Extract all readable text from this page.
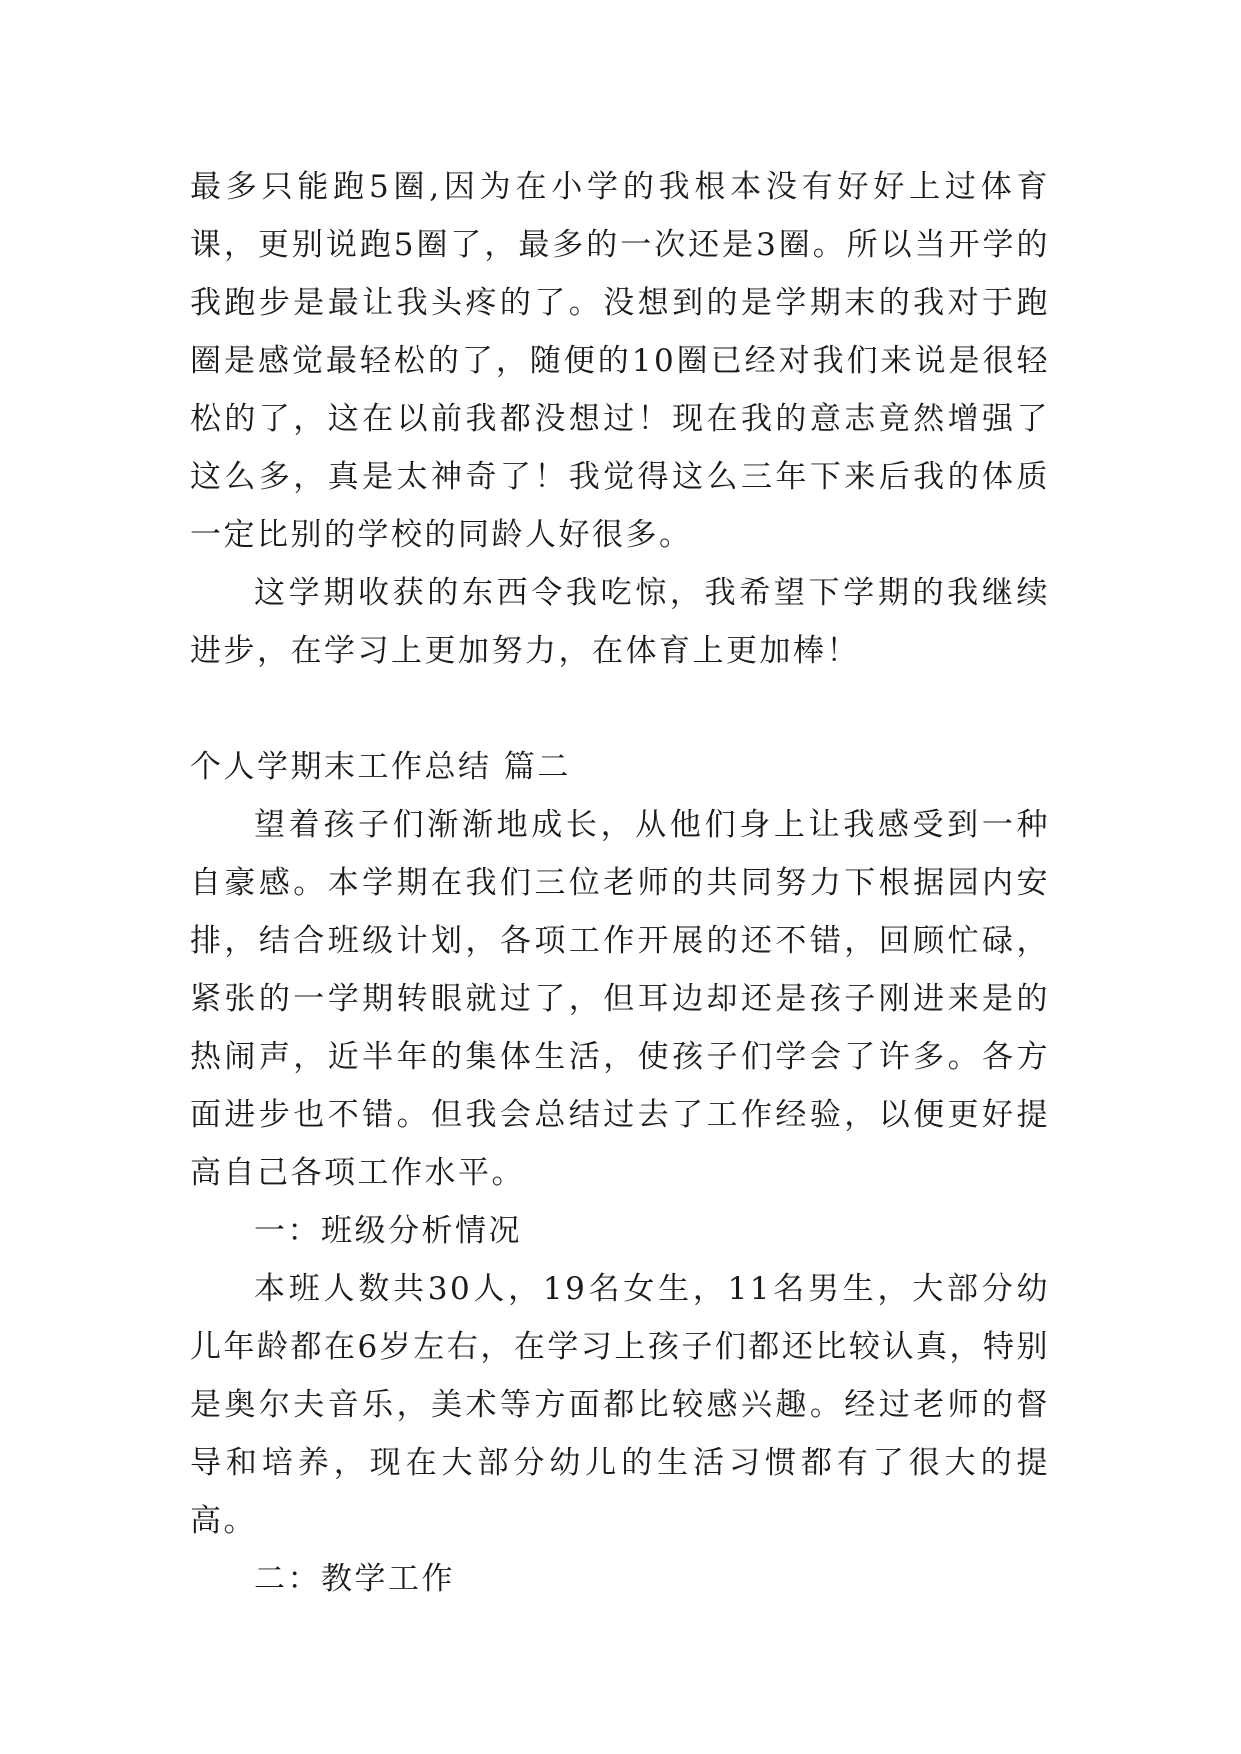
最多只能跑5圈,因为在小学的我根本没有好好上过体育课，更别说跑5圈了，最多的一次还是3圈。所以当开学的我跑步是最让我头疼的了。没想到的是学期末的我对于跑圈是感觉最轻松的了，随便的10圈已经对我们来说是很轻松的了，这在以前我都没想过！现在我的意志竟然增强了这么多，真是太神奇了！我觉得这么三年下来后我的体质一定比别的学校的同龄人好很多。

这学期收获的东西令我吃惊，我希望下学期的我继续进步，在学习上更加努力，在体育上更加棒！

个人学期末工作总结 篇二

望着孩子们渐渐地成长，从他们身上让我感受到一种自豪感。本学期在我们三位老师的共同努力下根据园内安排，结合班级计划，各项工作开展的还不错，回顾忙碌，紧张的一学期转眼就过了，但耳边却还是孩子刚进来是的热闹声，近半年的集体生活，使孩子们学会了许多。各方面进步也不错。但我会总结过去了工作经验，以便更好提高自己各项工作水平。

一：班级分析情况

本班人数共30人，19名女生，11名男生，大部分幼儿年龄都在6岁左右，在学习上孩子们都还比较认真，特别是奥尔夫音乐，美术等方面都比较感兴趣。经过老师的督导和培养，现在大部分幼儿的生活习惯都有了很大的提高。

二：教学工作
